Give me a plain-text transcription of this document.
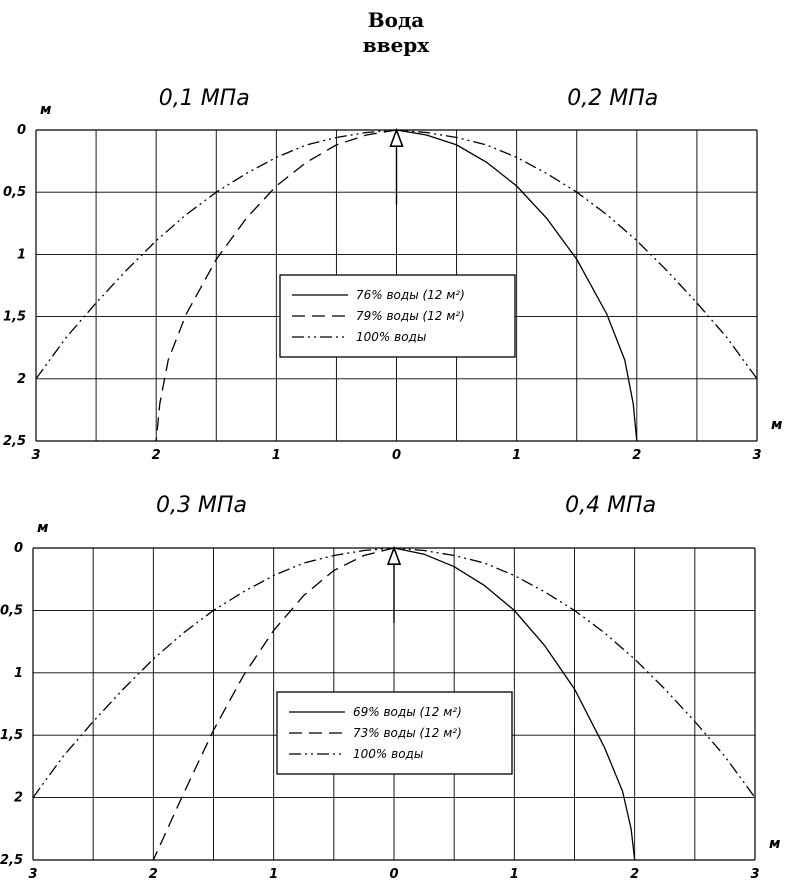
Вода
вверх
0,1 МПа	0,2 МПа
м
м
0
0,5
1
1,5
2
2,5
3	2	1	0	1	2	3
76% воды (12 м²)
79% воды (12 м²)
100% воды
0,3 МПа	0,4 МПа
м
м
0
0,5
1
1,5
2
2,5
3	2	1	0	1	2	3
69% воды (12 м²)
73% воды (12 м²)
100% воды
